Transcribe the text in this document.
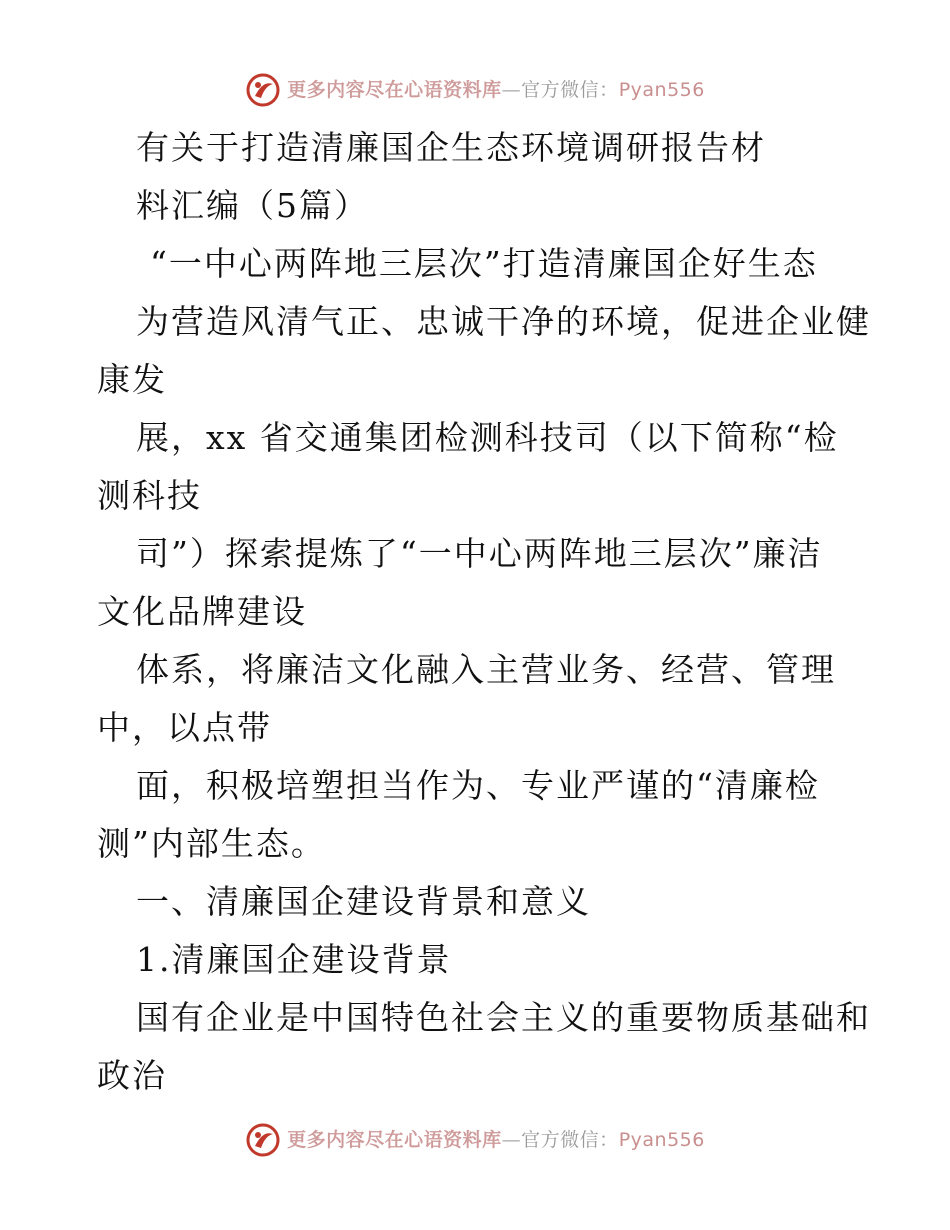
更多内容尽在心语资料库—官方微信：Pyan556
有关于打造清廉国企生态环境调研报告材
料汇编（5篇）
“一中心两阵地三层次”打造清廉国企好生态
为营造风清气正、忠诚干净的环境，促进企业健
康发
展，xx 省交通集团检测科技司（以下简称“检
测科技
司”）探索提炼了“一中心两阵地三层次”廉洁
文化品牌建设
体系，将廉洁文化融入主营业务、经营、管理
中，以点带
面，积极培塑担当作为、专业严谨的“清廉检
测”内部生态。
一、清廉国企建设背景和意义
1.清廉国企建设背景
国有企业是中国特色社会主义的重要物质基础和
政治
更多内容尽在心语资料库—官方微信：Pyan556
